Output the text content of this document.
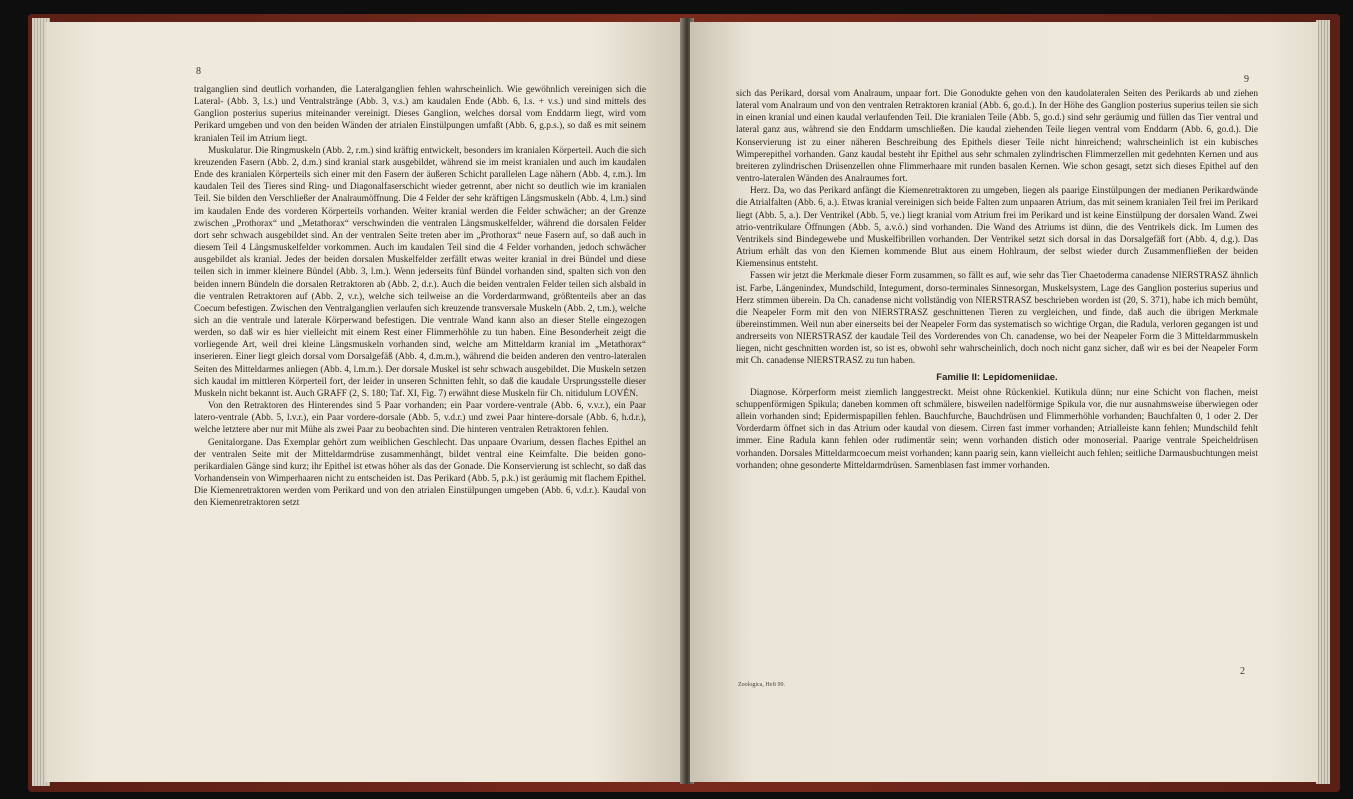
8

tralganglien sind deutlich vorhanden, die Lateralganglien fehlen wahrscheinlich. Wie gewöhnlich vereinigen sich die Lateral- (Abb. 3, l.s.) und Ventralstränge (Abb. 3, v.s.) am kaudalen Ende (Abb. 6, l.s. + v.s.) und sind mittels des Ganglion posterius superius miteinander vereinigt. Dieses Ganglion, welches dorsal vom Enddarm liegt, wird vom Perikard umgeben und von den beiden Wänden der atrialen Einstülpungen umfaßt (Abb. 6, g.p.s.), so daß es mit seinem kranialen Teil im Atrium liegt.

Muskulatur. Die Ringmuskeln (Abb. 2, r.m.) sind kräftig entwickelt, besonders im kranialen Körperteil. Auch die sich kreuzenden Fasern (Abb. 2, d.m.) sind kranial stark ausgebildet, während sie im meist kranialen und auch im kaudalen Ende des kranialen Körperteils sich einer mit den Fasern der äußeren Schicht parallelen Lage nähern (Abb. 4, r.m.). Im kaudalen Teil des Tieres sind Ring- und Diagonalfaserschicht wieder getrennt, aber nicht so deutlich wie im kranialen Teil. Sie bilden den Verschließer der Analraumöffnung. Die 4 Felder der sehr kräftigen Längsmuskeln (Abb. 4, l.m.) sind im kaudalen Ende des vorderen Körperteils vorhanden. Weiter kranial werden die Felder schwächer; an der Grenze zwischen „Prothorax“ und „Metathorax“ verschwinden die ventralen Längsmuskelfelder, während die dorsalen Felder dort sehr schwach ausgebildet sind. An der ventralen Seite treten aber im „Prothorax“ neue Fasern auf, so daß auch in diesem Teil 4 Längsmuskelfelder vorkommen. Auch im kaudalen Teil sind die 4 Felder vorhanden, jedoch schwächer ausgebildet als kranial. Jedes der beiden dorsalen Muskelfelder zerfällt etwas weiter kranial in drei Bündel und diese teilen sich in immer kleinere Bündel (Abb. 3, l.m.). Wenn jederseits fünf Bündel vorhanden sind, spalten sich von den beiden innern Bündeln die dorsalen Retraktoren ab (Abb. 2, d.r.). Auch die beiden ventralen Felder teilen sich alsbald in die ventralen Retraktoren auf (Abb. 2, v.r.), welche sich teilweise an die Vorderdarmwand, größtenteils aber an das Coecum befestigen. Zwischen den Ventralganglien verlaufen sich kreuzende transversale Muskeln (Abb. 2, t.m.), welche sich an die ventrale und laterale Körperwand befestigen. Die ventrale Wand kann also an dieser Stelle eingezogen werden, so daß wir es hier vielleicht mit einem Rest einer Flimmerhöhle zu tun haben. Eine Besonderheit zeigt die vorliegende Art, weil drei kleine Längsmuskeln vorhanden sind, welche am Mitteldarm kranial im „Metathorax“ inserieren. Einer liegt gleich dorsal vom Dorsalgefäß (Abb. 4, d.m.m.), während die beiden anderen den ventro-lateralen Seiten des Mitteldarmes anliegen (Abb. 4, l.m.m.). Der dorsale Muskel ist sehr schwach ausgebildet. Die Muskeln setzen sich kaudal im mittleren Körperteil fort, der leider in unseren Schnitten fehlt, so daß die kaudale Ursprungsstelle dieser Muskeln nicht bekannt ist. Auch GRAFF (2, S. 180; Taf. XI, Fig. 7) erwähnt diese Muskeln für Ch. nitidulum LOVÉN.

Von den Retraktoren des Hinterendes sind 5 Paar vorhanden; ein Paar vordere-ventrale (Abb. 6, v.v.r.), ein Paar latero-ventrale (Abb. 5, l.v.r.), ein Paar vordere-dorsale (Abb. 5, v.d.r.) und zwei Paar hintere-dorsale (Abb. 6, h.d.r.), welche letztere aber nur mit Mühe als zwei Paar zu beobachten sind. Die hinteren ventralen Retraktoren fehlen.

Genitalorgane. Das Exemplar gehört zum weiblichen Geschlecht. Das unpaare Ovarium, dessen flaches Epithel an der ventralen Seite mit der Mitteldarmdrüse zusammenhängt, bildet ventral eine Keimfalte. Die beiden gono-perikardialen Gänge sind kurz; ihr Epithel ist etwas höher als das der Gonade. Die Konservierung ist schlecht, so daß das Vorhandensein von Wimperhaaren nicht zu entscheiden ist. Das Perikard (Abb. 5, p.k.) ist geräumig mit flachem Epithel. Die Kiemenretraktoren werden vom Perikard und von den atrialen Einstülpungen umgeben (Abb. 6, v.d.r.). Kaudal von den Kiemenretraktoren setzt

9

sich das Perikard, dorsal vom Analraum, unpaar fort. Die Gonodukte gehen von den kaudolateralen Seiten des Perikards ab und ziehen lateral vom Analraum und von den ventralen Retraktoren kranial (Abb. 6, go.d.). In der Höhe des Ganglion posterius superius teilen sie sich in einen kranial und einen kaudal verlaufenden Teil. Die kranialen Teile (Abb. 5, go.d.) sind sehr geräumig und füllen das Tier ventral und lateral ganz aus, während sie den Enddarm umschließen. Die kaudal ziehenden Teile liegen ventral vom Enddarm (Abb. 6, go.d.). Die Konservierung ist zu einer näheren Beschreibung des Epithels dieser Teile nicht hinreichend; wahrscheinlich ist ein kubisches Wimperepithel vorhanden. Ganz kaudal besteht ihr Epithel aus sehr schmalen zylindrischen Flimmerzellen mit gedehnten Kernen und aus breiteren zylindrischen Drüsenzellen ohne Flimmerhaare mit runden basalen Kernen. Wie schon gesagt, setzt sich dieses Epithel auf den ventro-lateralen Wänden des Analraumes fort.

Herz. Da, wo das Perikard anfängt die Kiemenretraktoren zu umgeben, liegen als paarige Einstülpungen der medianen Perikardwände die Atrialfalten (Abb. 6, a.). Etwas kranial vereinigen sich beide Falten zum unpaaren Atrium, das mit seinem kranialen Teil frei im Perikard liegt (Abb. 5, a.). Der Ventrikel (Abb. 5, ve.) liegt kranial vom Atrium frei im Perikard und ist keine Einstülpung der dorsalen Wand. Zwei atrio-ventrikulare Öffnungen (Abb. 5, a.v.ö.) sind vorhanden. Die Wand des Atriums ist dünn, die des Ventrikels dick. Im Lumen des Ventrikels sind Bindegewebe und Muskelfibrillen vorhanden. Der Ventrikel setzt sich dorsal in das Dorsalgefäß fort (Abb. 4, d.g.). Das Atrium erhält das von den Kiemen kommende Blut aus einem Hohlraum, der selbst wieder durch Zusammenfließen der beiden Kiemensinus entsteht.

Fassen wir jetzt die Merkmale dieser Form zusammen, so fällt es auf, wie sehr das Tier Chaetoderma canadense NIERSTRASZ ähnlich ist. Farbe, Längenindex, Mundschild, Integument, dorso-terminales Sinnesorgan, Muskelsystem, Lage des Ganglion posterius superius und Herz stimmen überein. Da Ch. canadense nicht vollständig von NIERSTRASZ beschrieben worden ist (20, S. 371), habe ich mich bemüht, die Neapeler Form mit den von NIERSTRASZ geschnittenen Tieren zu vergleichen, und finde, daß auch die übrigen Merkmale übereinstimmen. Weil nun aber einerseits bei der Neapeler Form das systematisch so wichtige Organ, die Radula, verloren gegangen ist und andrerseits von NIERSTRASZ der kaudale Teil des Vorderendes von Ch. canadense, wo bei der Neapeler Form die 3 Mitteldarmmuskeln liegen, nicht geschnitten worden ist, so ist es, obwohl sehr wahrscheinlich, doch noch nicht ganz sicher, daß wir es bei der Neapeler Form mit Ch. canadense NIERSTRASZ zu tun haben.

Familie II: Lepidomeniidae.

Diagnose. Körperform meist ziemlich langgestreckt. Meist ohne Rückenkiel. Kutikula dünn; nur eine Schicht von flachen, meist schuppenförmigen Spikula; daneben kommen oft schmälere, bisweilen nadelförmige Spikula vor, die nur ausnahmsweise überwiegen oder allein vorhanden sind; Epidermispapillen fehlen. Bauchfurche, Bauchdrüsen und Flimmerhöhle vorhanden; Bauchfalten 0, 1 oder 2. Der Vorderdarm öffnet sich in das Atrium oder kaudal von diesem. Cirren fast immer vorhanden; Atrialleiste kann fehlen; Mundschild fehlt immer. Eine Radula kann fehlen oder rudimentär sein; wenn vorhanden distich oder monoserial. Paarige ventrale Speicheldrüsen vorhanden. Dorsales Mitteldarmcoecum meist vorhanden; kann paarig sein, kann vielleicht auch fehlen; seitliche Darmausbuchtungen meist vorhanden; ohne gesonderte Mitteldarmdrüsen. Samenblasen fast immer vorhanden.

Zoologica, Heft 99.
2
